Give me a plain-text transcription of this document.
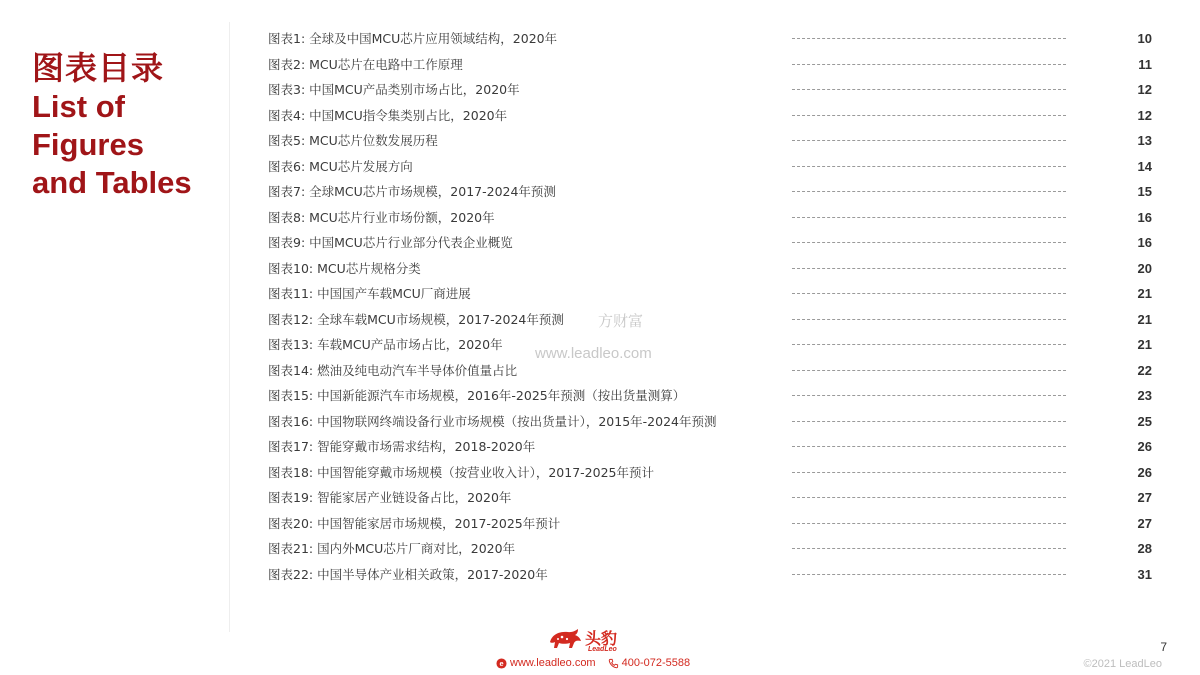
图表目录
List of
Figures
and Tables
图表1: 全球及中国MCU芯片应用领域结构，2020年	10
图表2: MCU芯片在电路中工作原理	11
图表3: 中国MCU产品类别市场占比，2020年	12
图表4: 中国MCU指令集类别占比，2020年	12
图表5: MCU芯片位数发展历程	13
图表6: MCU芯片发展方向	14
图表7: 全球MCU芯片市场规模，2017-2024年预测	15
图表8: MCU芯片行业市场份额，2020年	16
图表9: 中国MCU芯片行业部分代表企业概览	16
图表10: MCU芯片规格分类	20
图表11: 中国国产车载MCU厂商进展	21
图表12: 全球车载MCU市场规模，2017-2024年预测	21
图表13: 车载MCU产品市场占比，2020年	21
图表14: 燃油及纯电动汽车半导体价值量占比	22
图表15: 中国新能源汽车市场规模，2016年-2025年预测（按出货量测算）	23
图表16: 中国物联网终端设备行业市场规模（按出货量计），2015年-2024年预测	25
图表17: 智能穿戴市场需求结构，2018-2020年	26
图表18: 中国智能穿戴市场规模（按营业收入计），2017-2025年预计	26
图表19: 智能家居产业链设备占比，2020年	27
图表20: 中国智能家居市场规模，2017-2025年预计	27
图表21: 国内外MCU芯片厂商对比，2020年	28
图表22: 中国半导体产业相关政策，2017-2020年	31
方财富
www.leadleo.com
头豹
LeadLeo
e www.leadleo.com 400-072-5588
7
©2021 LeadLeo
